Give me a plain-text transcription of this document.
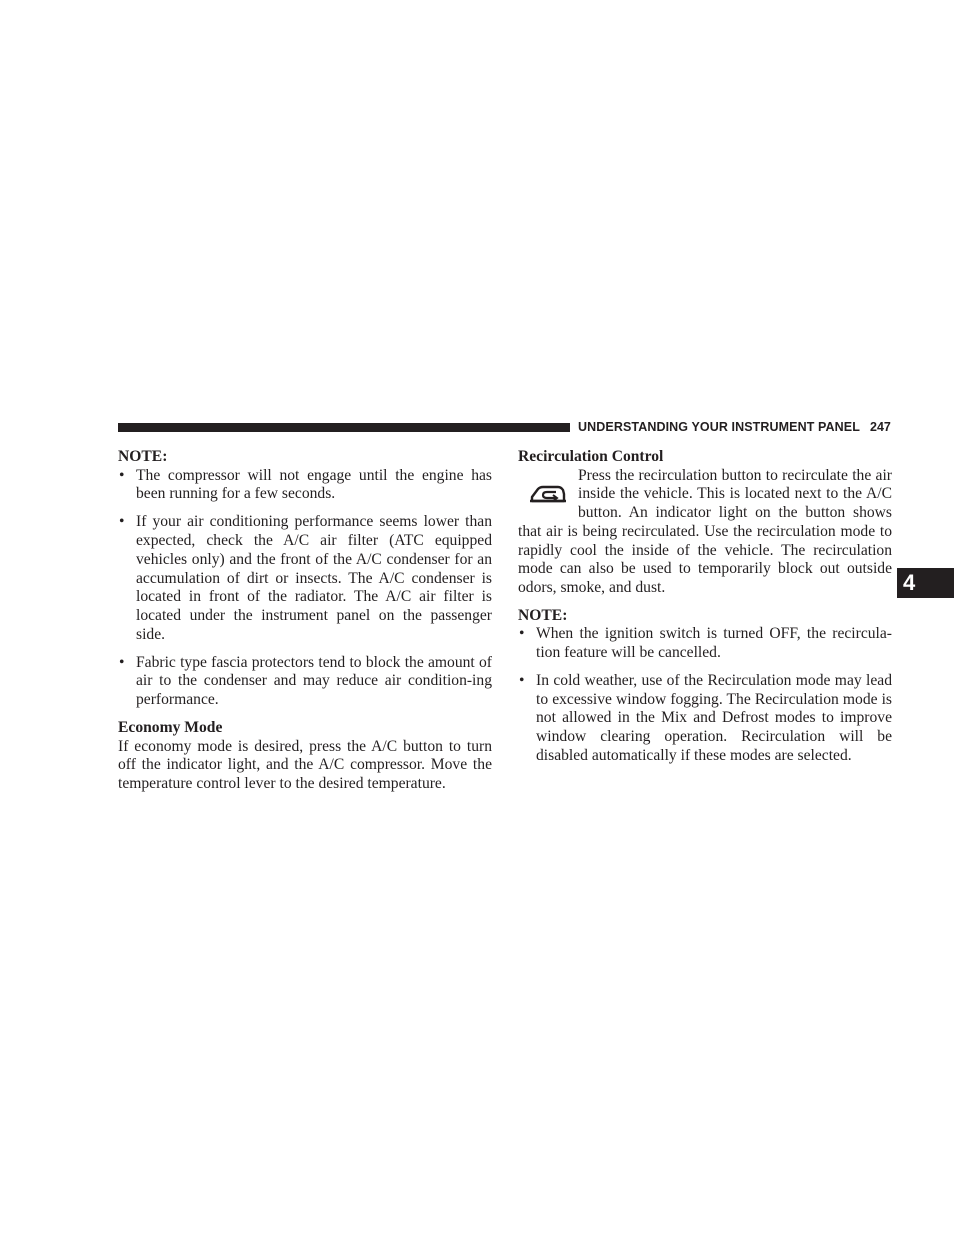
UNDERSTANDING YOUR INSTRUMENT PANEL 247
4

NOTE:

• The compressor will not engage until the engine has been running for a few seconds.
• If your air conditioning performance seems lower than expected, check the A/C air filter (ATC equipped vehicles only) and the front of the A/C condenser for an accumulation of dirt or insects. The A/C condenser is located in front of the radiator. The A/C air filter is located under the instrument panel on the passenger side.
• Fabric type fascia protectors tend to block the amount of air to the condenser and may reduce air condition-ing performance.

Economy Mode

If economy mode is desired, press the A/C button to turn off the indicator light, and the A/C compressor. Move the temperature control lever to the desired temperature.

Recirculation Control

Press the recirculation button to recirculate the air inside the vehicle. This is located next to the A/C button. An indicator light on the button shows that air is being recirculated. Use the recirculation mode to rapidly cool the inside of the vehicle. The recirculation mode can also be used to temporarily block out outside odors, smoke, and dust.

NOTE:

• When the ignition switch is turned OFF, the recircula-tion feature will be cancelled.
• In cold weather, use of the Recirculation mode may lead to excessive window fogging. The Recirculation mode is not allowed in the Mix and Defrost modes to improve window clearing operation. Recirculation will be disabled automatically if these modes are selected.
